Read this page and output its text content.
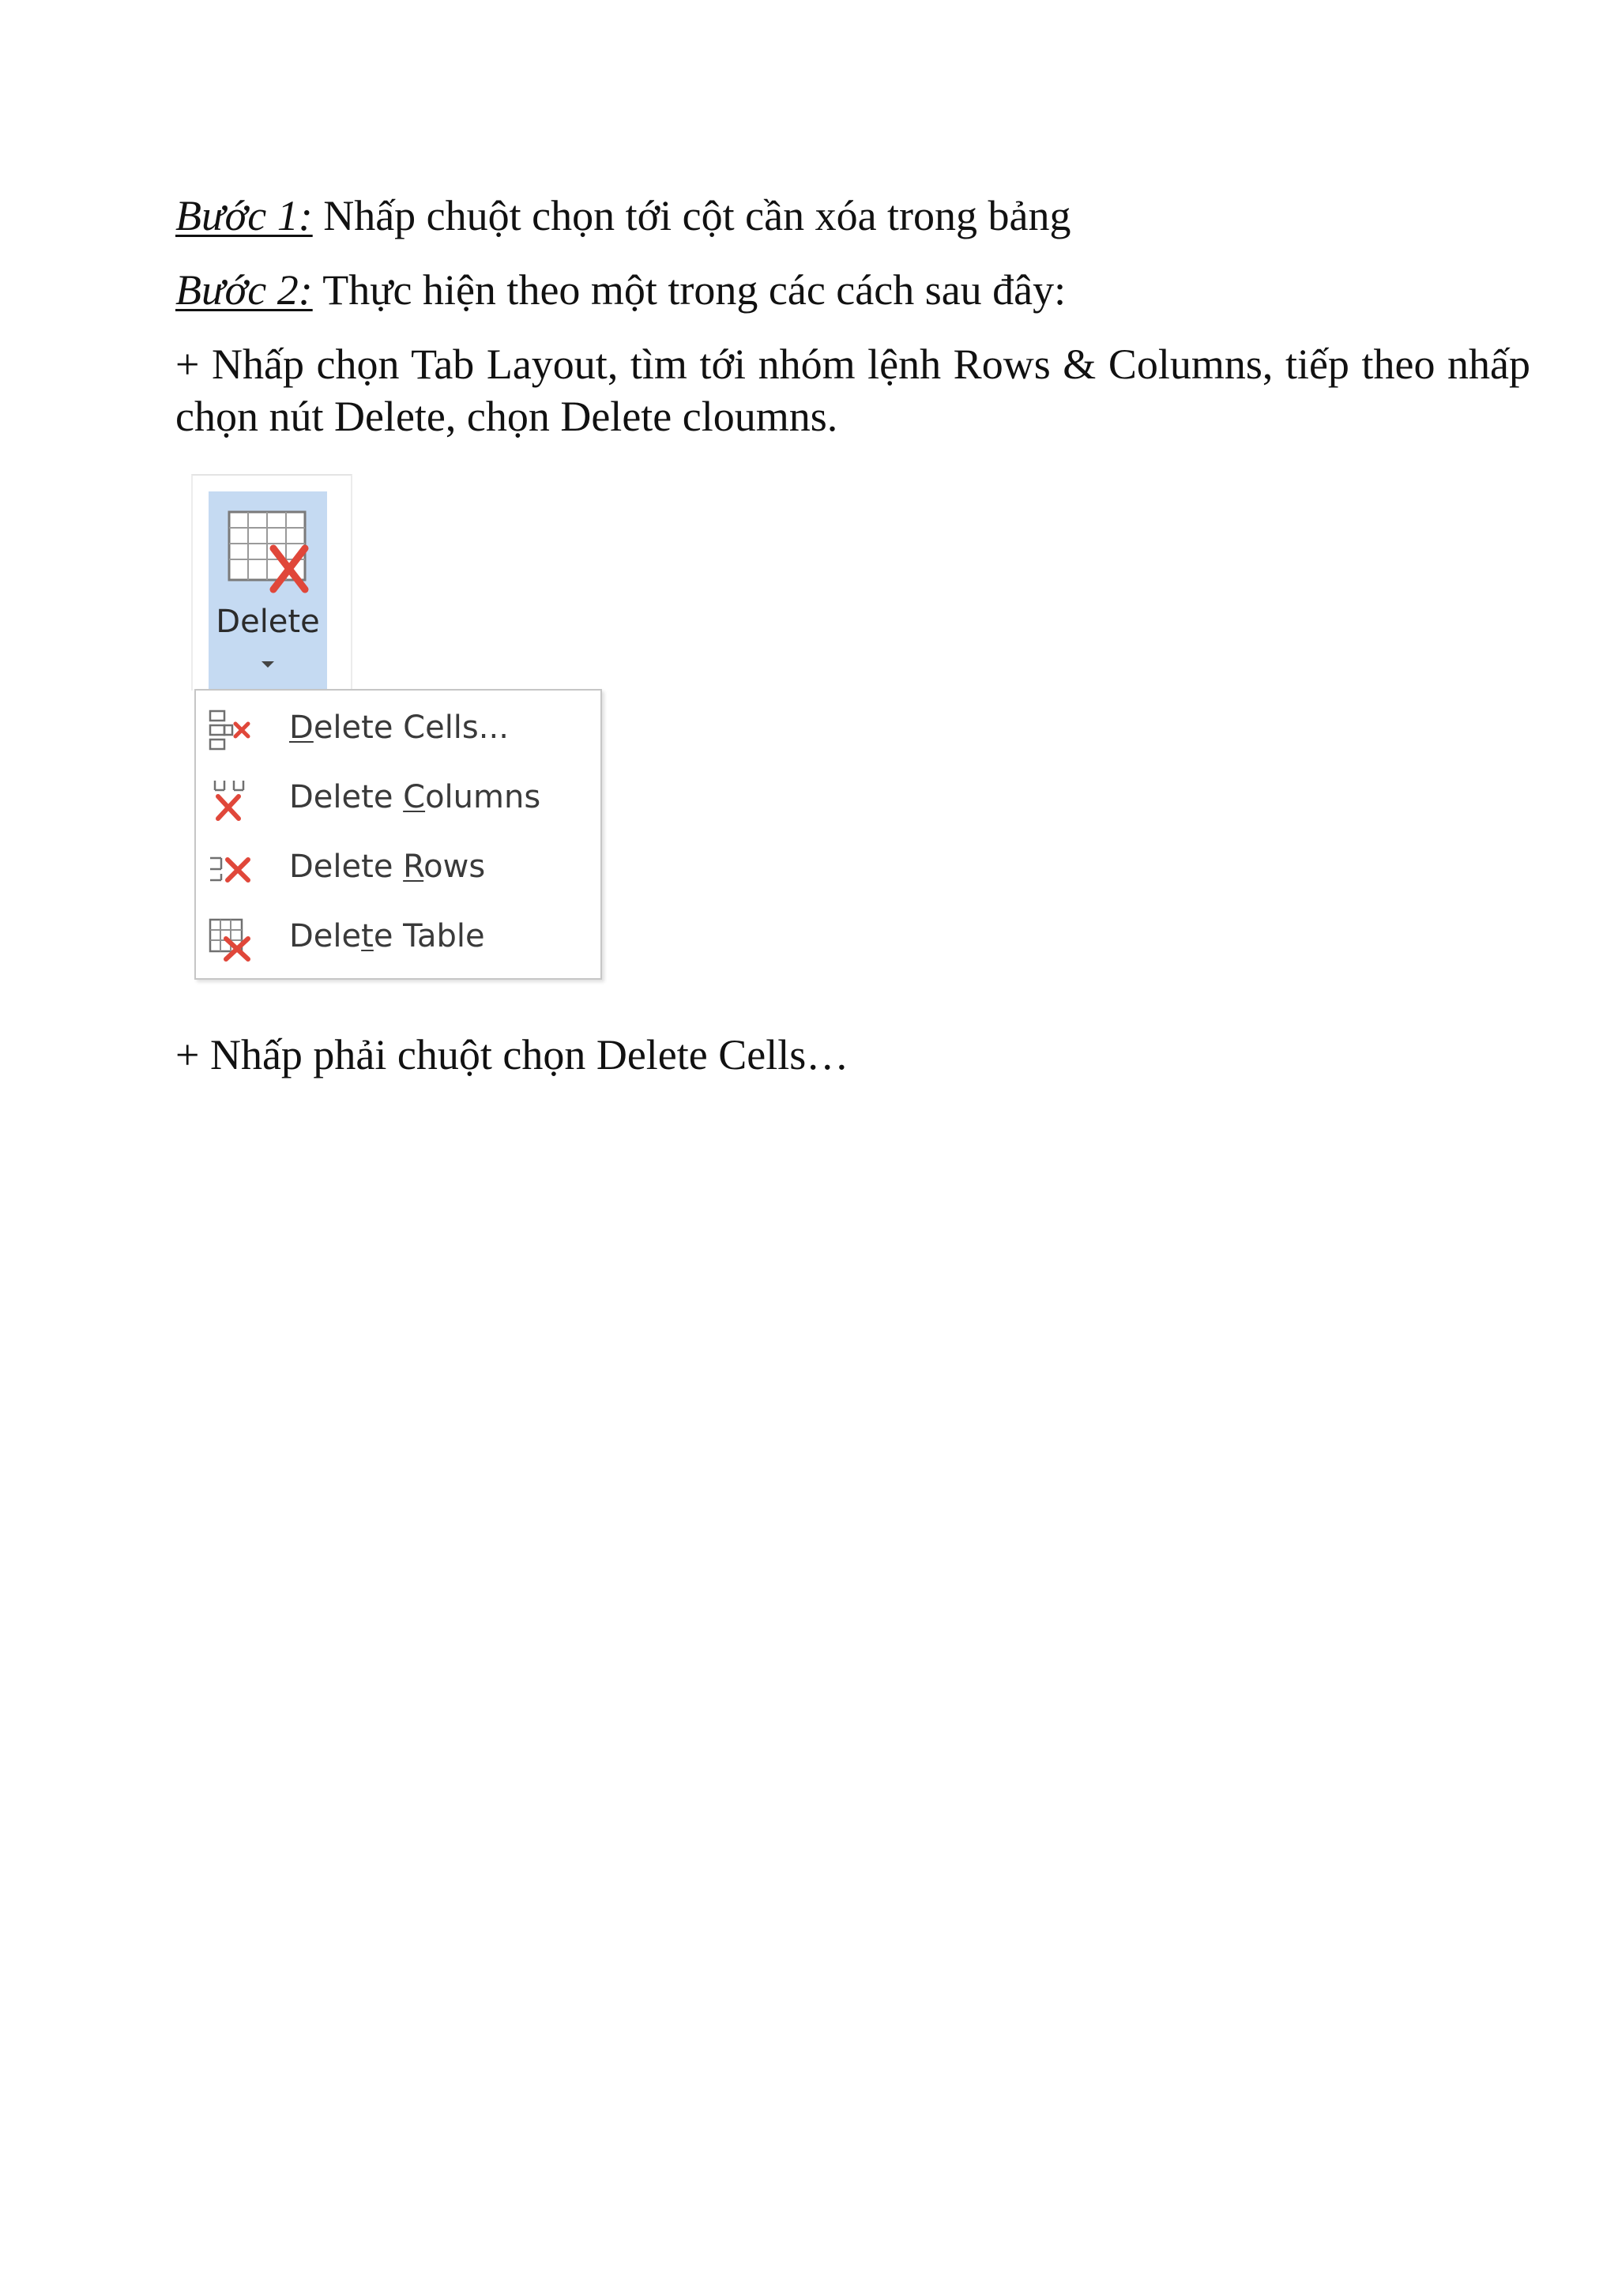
Bước 1: Nhấp chuột chọn tới cột cần xóa trong bảng

Bước 2: Thực hiện theo một trong các cách sau đây:

+ Nhấp chọn Tab Layout, tìm tới nhóm lệnh Rows & Columns, tiếp theo nhấp chọn nút Delete, chọn Delete cloumns.

Delete
Delete Cells...
Delete Columns
Delete Rows
Delete Table

+ Nhấp phải chuột chọn Delete Cells…
